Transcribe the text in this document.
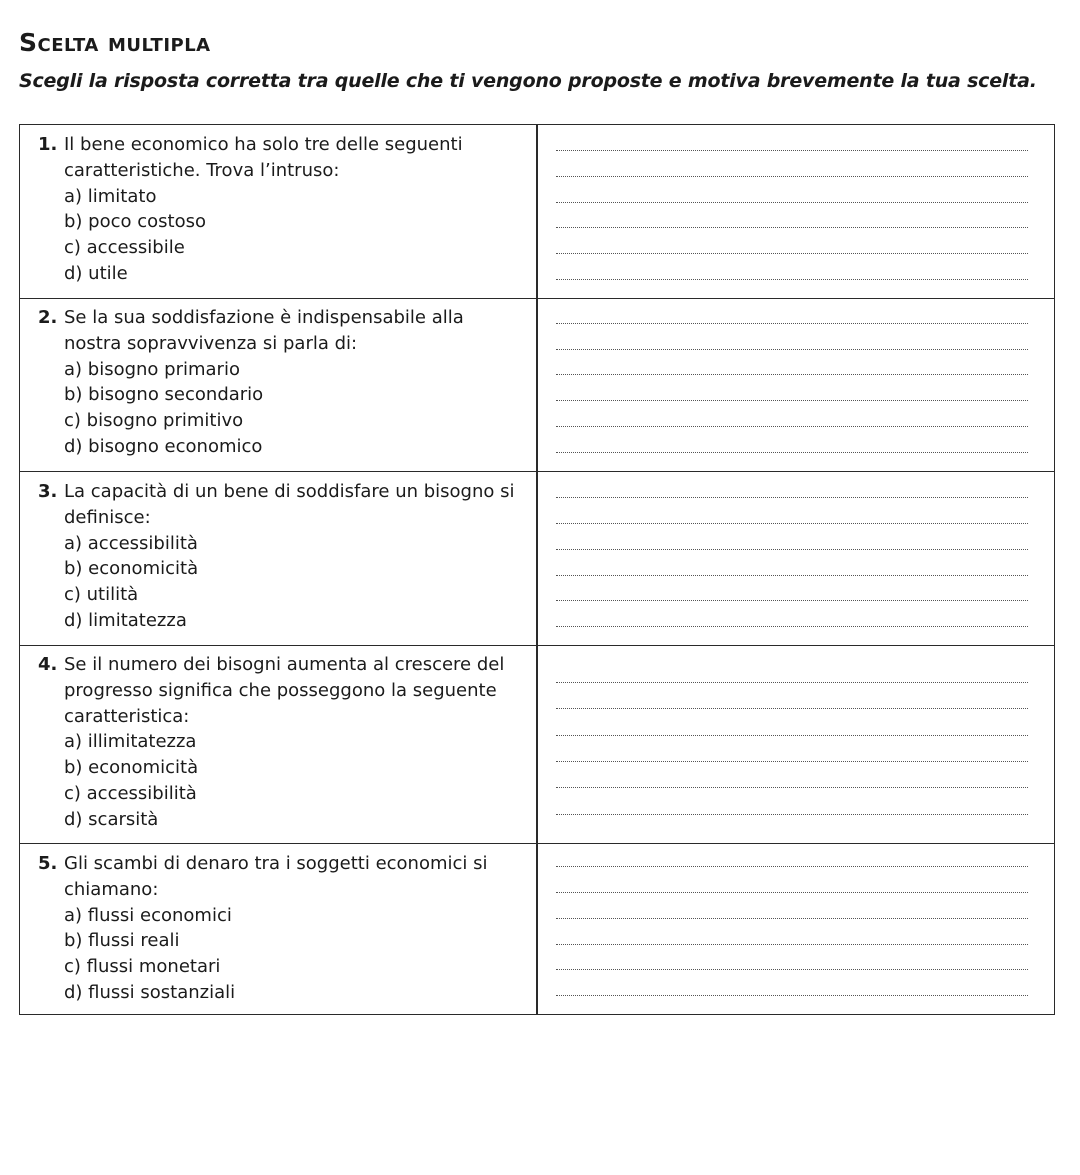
Scelta multipla
Scegli la risposta corretta tra quelle che ti vengono proposte e motiva brevemente la tua scelta.
1. Il bene economico ha solo tre delle seguenti caratteristiche. Trova l’intruso:
a) limitato
b) poco costoso
c) accessibile
d) utile
2. Se la sua soddisfazione è indispensabile alla nostra sopravvivenza si parla di:
a) bisogno primario
b) bisogno secondario
c) bisogno primitivo
d) bisogno economico
3. La capacità di un bene di soddisfare un bisogno si definisce:
a) accessibilità
b) economicità
c) utilità
d) limitatezza
4. Se il numero dei bisogni aumenta al crescere del progresso significa che posseggono la seguente caratteristica:
a) illimitatezza
b) economicità
c) accessibilità
d) scarsità
5. Gli scambi di denaro tra i soggetti economici si chiamano:
a) flussi economici
b) flussi reali
c) flussi monetari
d) flussi sostanziali
